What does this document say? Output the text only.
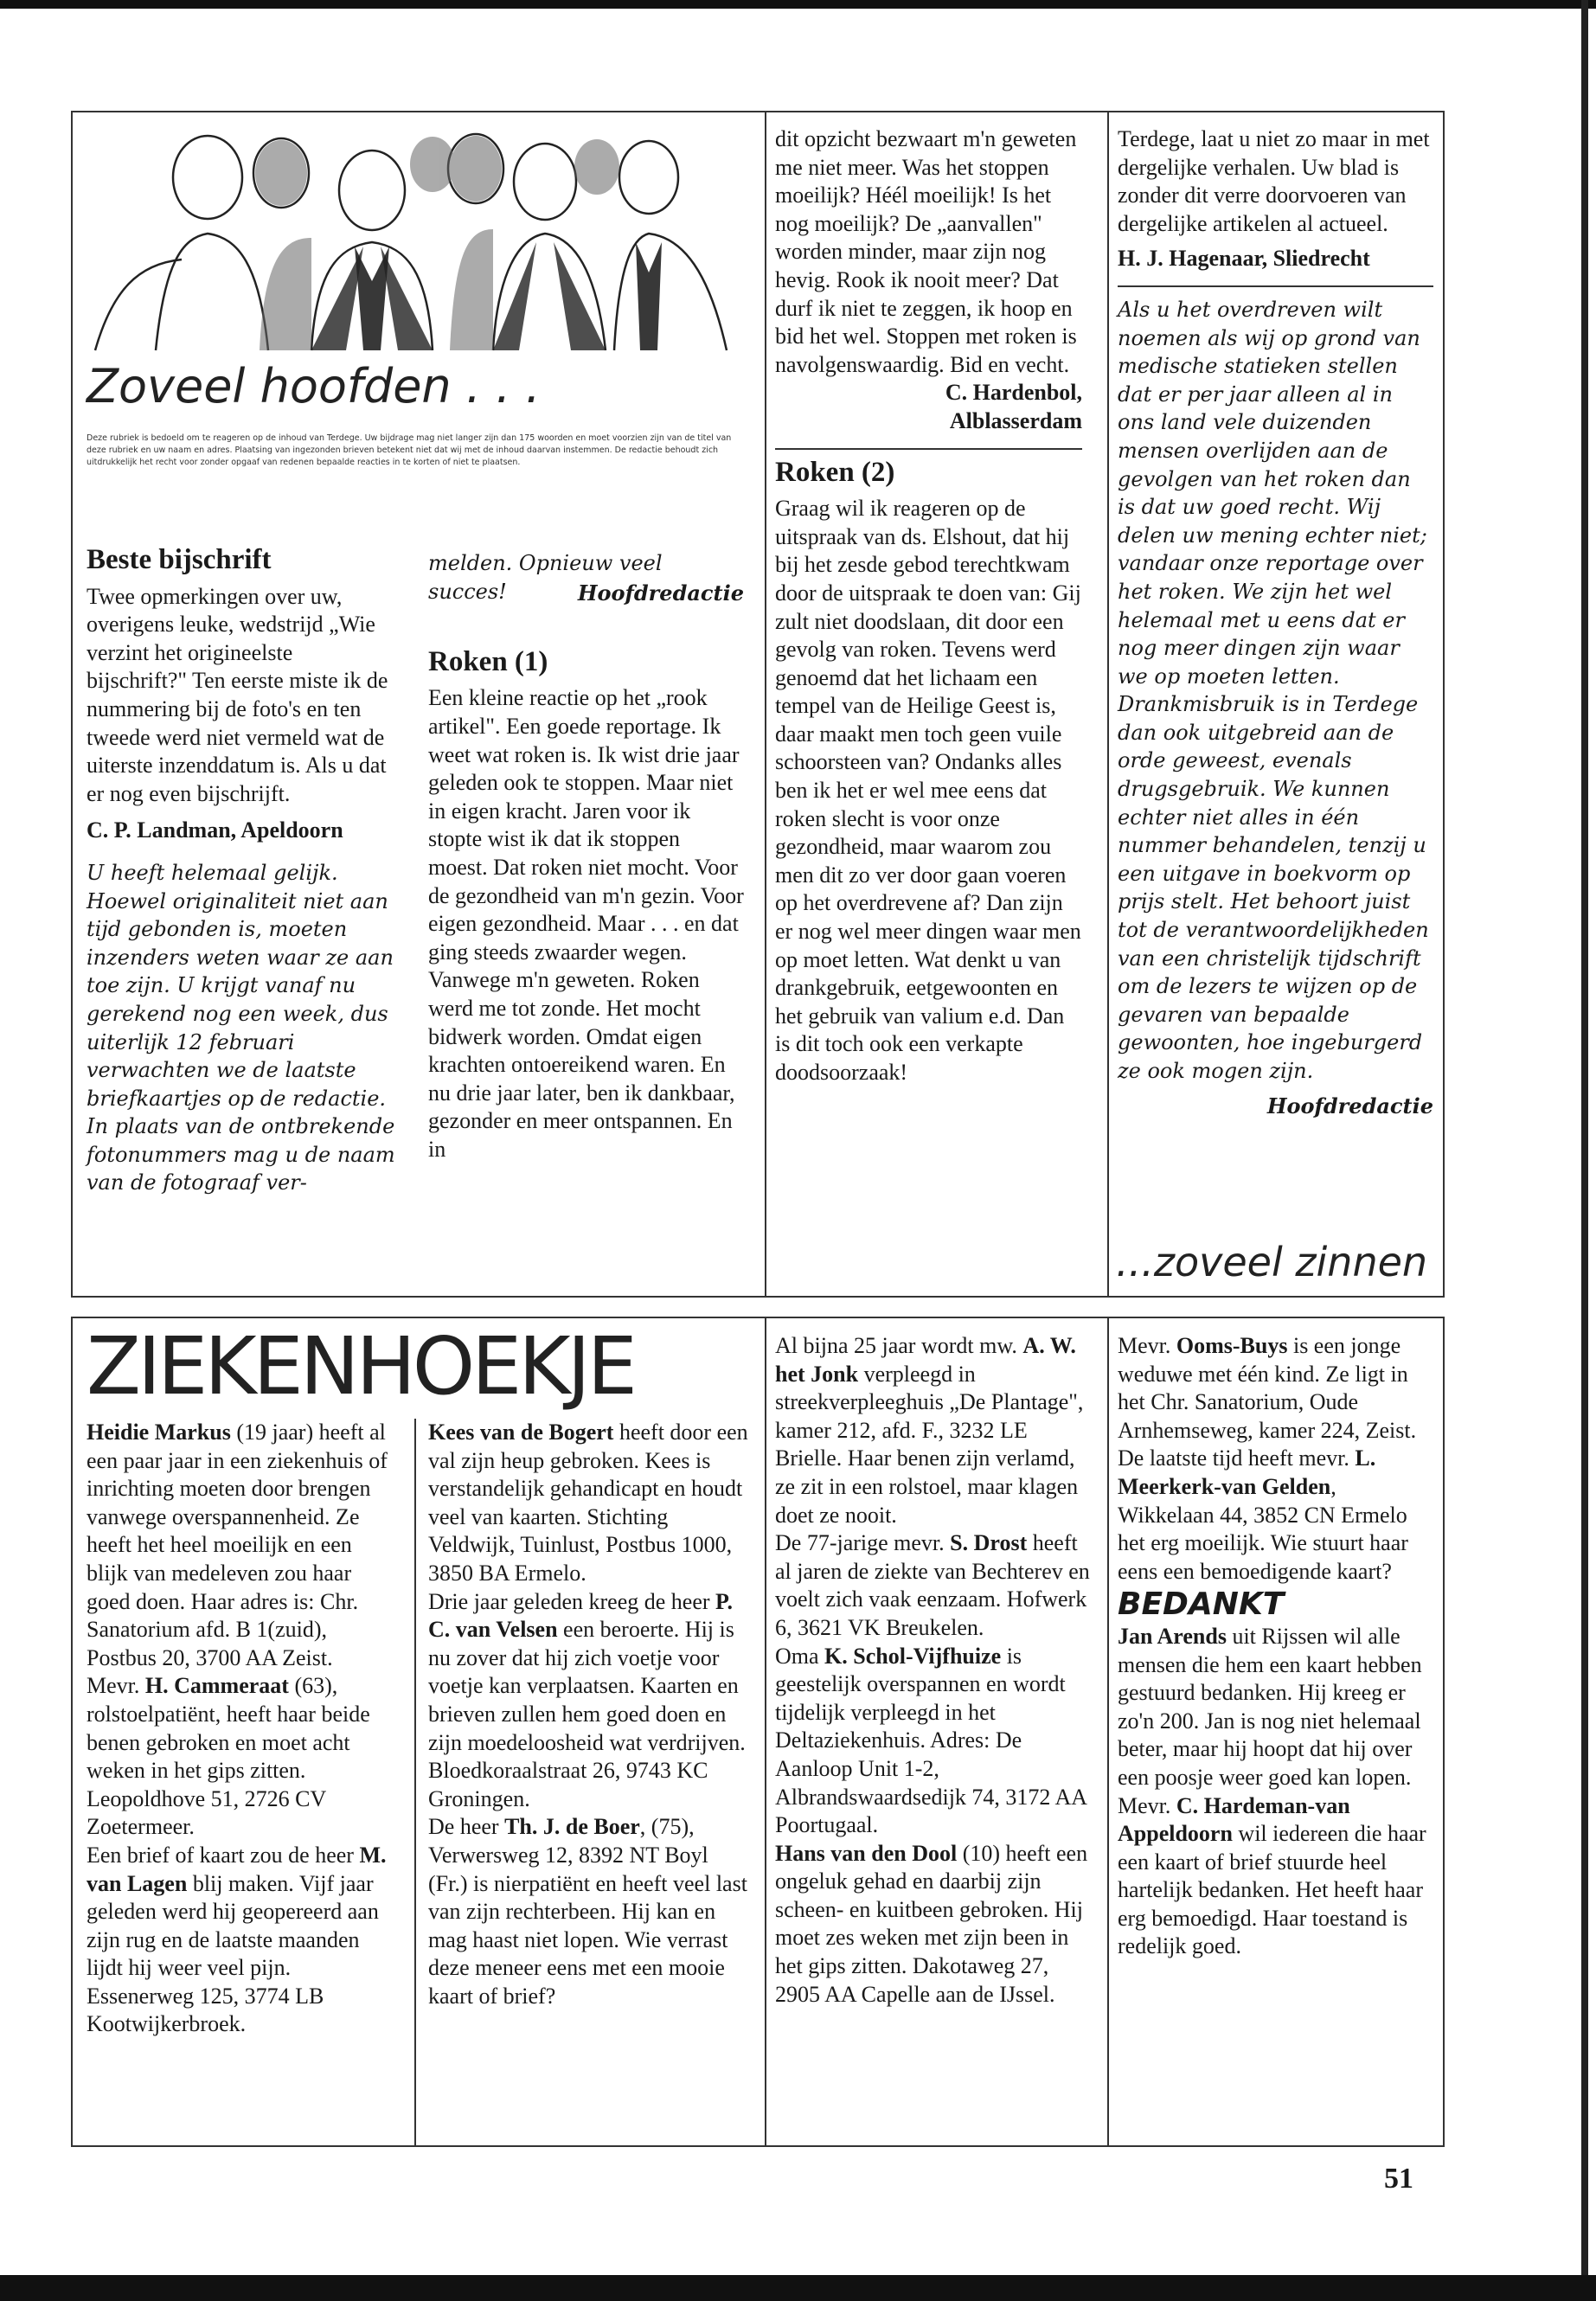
Zoveel hoofden . . .
Deze rubriek is bedoeld om te reageren op de inhoud van Terdege. Uw bijdrage mag niet langer zijn dan 175 woorden en moet voorzien zijn van de titel van deze rubriek en uw naam en adres. Plaatsing van ingezonden brieven betekent niet dat wij met de inhoud daarvan instemmen. De redactie behoudt zich uitdrukkelijk het recht voor zonder opgaaf van redenen bepaalde reacties in te korten of niet te plaatsen.
Beste bijschrift

Twee opmerkingen over uw, overigens leuke, wedstrijd „Wie verzint het origineelste bijschrift?" Ten eerste miste ik de nummering bij de foto's en ten tweede werd niet vermeld wat de uiterste inzenddatum is. Als u dat er nog even bijschrijft.

C. P. Landman, Apeldoorn

U heeft helemaal gelijk. Hoewel originaliteit niet aan tijd gebonden is, moeten inzenders weten waar ze aan toe zijn. U krijgt vanaf nu gerekend nog een week, dus uiterlijk 12 februari verwachten we de laatste briefkaartjes op de redactie. In plaats van de ontbrekende fotonummers mag u de naam van de fotograaf ver-

melden. Opnieuw veel succes!	Hoofdredactie

Roken (1)

Een kleine reactie op het „rook artikel". Een goede reportage. Ik weet wat roken is. Ik wist drie jaar geleden ook te stoppen. Maar niet in eigen kracht. Jaren voor ik stopte wist ik dat ik stoppen moest. Dat roken niet mocht. Voor de gezondheid van m'n gezin. Voor eigen gezondheid. Maar . . . en dat ging steeds zwaarder wegen. Vanwege m'n geweten. Roken werd me tot zonde. Het mocht bidwerk worden. Omdat eigen krachten ontoereikend waren. En nu drie jaar later, ben ik dankbaar, gezonder en meer ontspannen. En in

dit opzicht bezwaart m'n geweten me niet meer. Was het stoppen moeilijk? Héél moeilijk! Is het nog moeilijk? De „aanvallen" worden minder, maar zijn nog hevig. Rook ik nooit meer? Dat durf ik niet te zeggen, ik hoop en bid het wel. Stoppen met roken is navolgenswaardig. Bid en vecht.

C. Hardenbol,

Alblasserdam

Roken (2)

Graag wil ik reageren op de uitspraak van ds. Elshout, dat hij bij het zesde gebod terechtkwam door de uitspraak te doen van: Gij zult niet doodslaan, dit door een gevolg van roken. Tevens werd genoemd dat het lichaam een tempel van de Heilige Geest is, daar maakt men toch geen vuile schoorsteen van? Ondanks alles ben ik het er wel mee eens dat roken slecht is voor onze gezondheid, maar waarom zou men dit zo ver door gaan voeren op het overdrevene af? Dan zijn er nog wel meer dingen waar men op moet letten. Wat denkt u van drankgebruik, eetgewoonten en het gebruik van valium e.d. Dan is dit toch ook een verkapte doodsoorzaak!

Terdege, laat u niet zo maar in met dergelijke verhalen. Uw blad is zonder dit verre doorvoeren van dergelijke artikelen al actueel.

H. J. Hagenaar, Sliedrecht

Als u het overdreven wilt noemen als wij op grond van medische statieken stellen dat er per jaar alleen al in ons land vele duizenden mensen overlijden aan de gevolgen van het roken dan is dat uw goed recht. Wij delen uw mening echter niet; vandaar onze reportage over het roken. We zijn het wel helemaal met u eens dat er nog meer dingen zijn waar we op moeten letten. Drankmisbruik is in Terdege dan ook uitgebreid aan de orde geweest, evenals drugsgebruik. We kunnen echter niet alles in één nummer behandelen, tenzij u een uitgave in boekvorm op prijs stelt. Het behoort juist tot de verantwoordelijkheden van een christelijk tijdschrift om de lezers te wijzen op de gevaren van bepaalde gewoonten, hoe ingeburgerd ze ook mogen zijn.

Hoofdredactie

...zoveel zinnen
ZIEKENHOEKJE

Heidie Markus (19 jaar) heeft al een paar jaar in een ziekenhuis of inrichting moeten door brengen vanwege overspannenheid. Ze heeft het heel moeilijk en een blijk van medeleven zou haar goed doen. Haar adres is: Chr. Sanatorium afd. B 1(zuid), Postbus 20, 3700 AA Zeist.

Mevr. H. Cammeraat (63), rolstoelpatiënt, heeft haar beide benen gebroken en moet acht weken in het gips zitten. Leopoldhove 51, 2726 CV Zoetermeer.

Een brief of kaart zou de heer M. van Lagen blij maken. Vijf jaar geleden werd hij geopereerd aan zijn rug en de laatste maanden lijdt hij weer veel pijn. Essenerweg 125, 3774 LB Kootwijkerbroek.

Kees van de Bogert heeft door een val zijn heup gebroken. Kees is verstandelijk gehandicapt en houdt veel van kaarten. Stichting Veldwijk, Tuinlust, Postbus 1000, 3850 BA Ermelo.

Drie jaar geleden kreeg de heer P. C. van Velsen een beroerte. Hij is nu zover dat hij zich voetje voor voetje kan verplaatsen. Kaarten en brieven zullen hem goed doen en zijn moedeloosheid wat verdrijven. Bloedkoraalstraat 26, 9743 KC Groningen.

De heer Th. J. de Boer, (75), Verwersweg 12, 8392 NT Boyl (Fr.) is nierpatiënt en heeft veel last van zijn rechterbeen. Hij kan en mag haast niet lopen. Wie verrast deze meneer eens met een mooie kaart of brief?

Al bijna 25 jaar wordt mw. A. W. het Jonk verpleegd in streekverpleeghuis „De Plantage", kamer 212, afd. F., 3232 LE Brielle. Haar benen zijn verlamd, ze zit in een rolstoel, maar klagen doet ze nooit.

De 77-jarige mevr. S. Drost heeft al jaren de ziekte van Bechterev en voelt zich vaak eenzaam. Hofwerk 6, 3621 VK Breukelen.

Oma K. Schol-Vijfhuize is geestelijk overspannen en wordt tijdelijk verpleegd in het Deltaziekenhuis. Adres: De Aanloop Unit 1-2, Albrandswaardsedijk 74, 3172 AA Poortugaal.

Hans van den Dool (10) heeft een ongeluk gehad en daarbij zijn scheen- en kuitbeen gebroken. Hij moet zes weken met zijn been in het gips zitten. Dakotaweg 27, 2905 AA Capelle aan de IJssel.

Mevr. Ooms-Buys is een jonge weduwe met één kind. Ze ligt in het Chr. Sanatorium, Oude Arnhemseweg, kamer 224, Zeist.

De laatste tijd heeft mevr. L. Meerkerk-van Gelden, Wikkelaan 44, 3852 CN Ermelo het erg moeilijk. Wie stuurt haar eens een bemoedigende kaart?

BEDANKT

Jan Arends uit Rijssen wil alle mensen die hem een kaart hebben gestuurd bedanken. Hij kreeg er zo'n 200. Jan is nog niet helemaal beter, maar hij hoopt dat hij over een poosje weer goed kan lopen.

Mevr. C. Hardeman-van Appeldoorn wil iedereen die haar een kaart of brief stuurde heel hartelijk bedanken. Het heeft haar erg bemoedigd. Haar toestand is redelijk goed.

51
